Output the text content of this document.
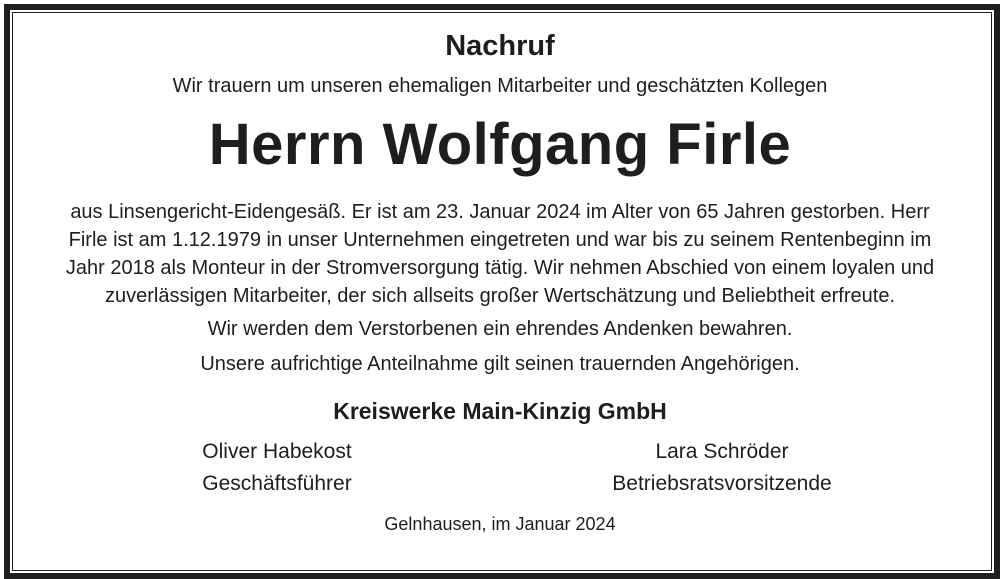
Nachruf
Wir trauern um unseren ehemaligen Mitarbeiter und geschätzten Kollegen
Herrn Wolfgang Firle
aus Linsengericht-Eidengesäß. Er ist am 23. Januar 2024 im Alter von 65 Jahren gestorben. Herr
Firle ist am 1.12.1979 in unser Unternehmen eingetreten und war bis zu seinem Rentenbeginn im
Jahr 2018 als Monteur in der Stromversorgung tätig. Wir nehmen Abschied von einem loyalen und
zuverlässigen Mitarbeiter, der sich allseits großer Wertschätzung und Beliebtheit erfreute.
Wir werden dem Verstorbenen ein ehrendes Andenken bewahren.
Unsere aufrichtige Anteilnahme gilt seinen trauernden Angehörigen.
Kreiswerke Main-Kinzig GmbH
Oliver Habekost
Geschäftsführer
Lara Schröder
Betriebsratsvorsitzende
Gelnhausen, im Januar 2024
